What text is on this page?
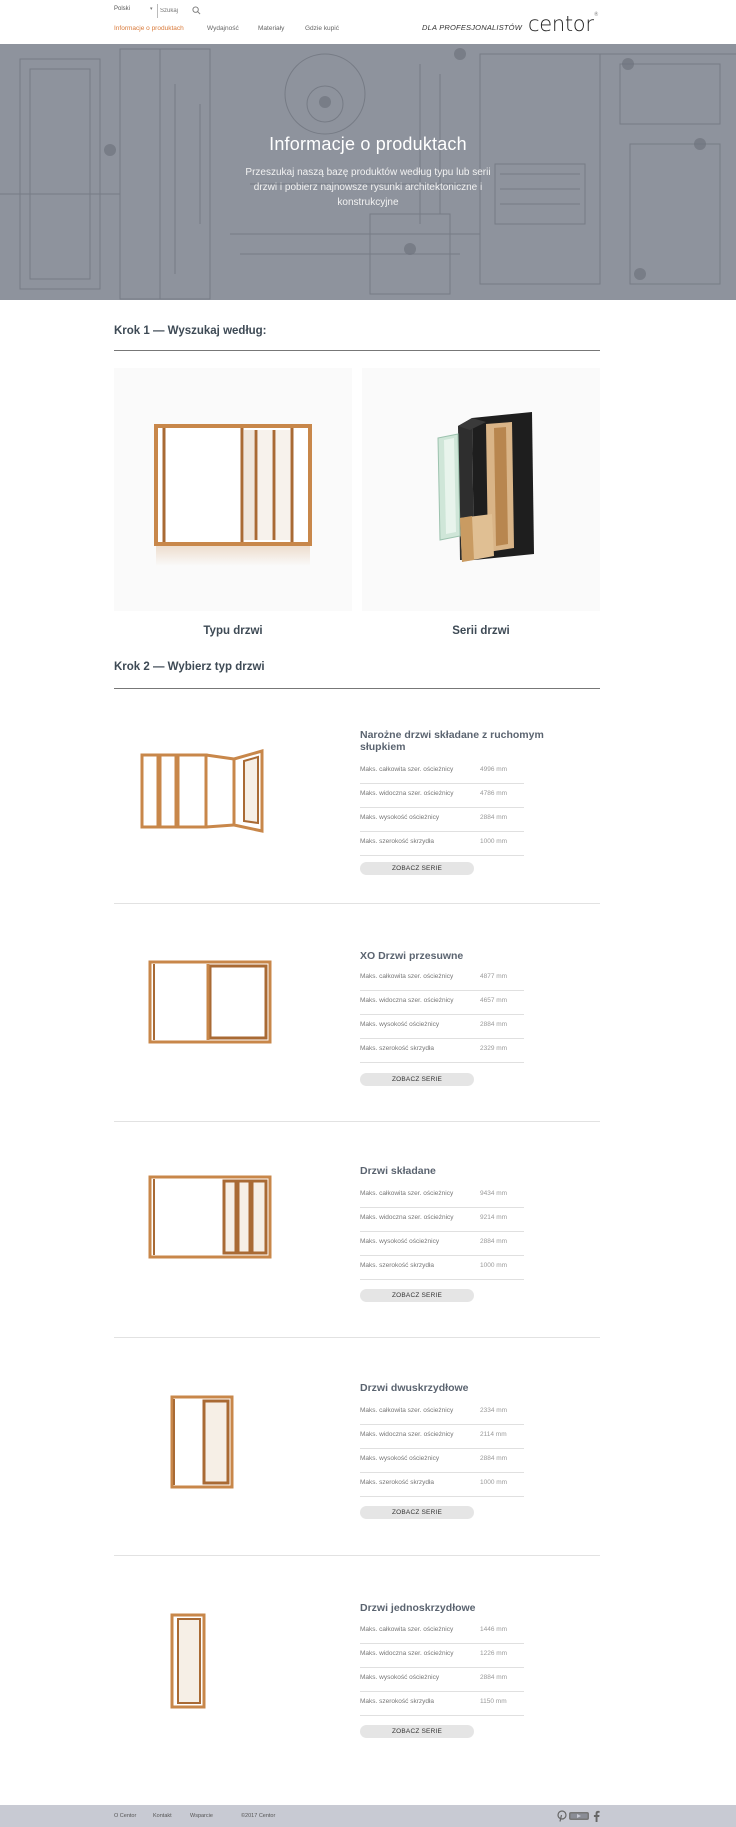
Polski	▾
Szukaj
Informacje o produktach	Wydajność	Materiały	Gdzie kupić	DLA PROFESJONALISTÓW centor®
Informacje o produktach
Przeszukaj naszą bazę produktów według typu lub serii drzwi i pobierz najnowsze rysunki architektoniczne i konstrukcyjne
Krok 1 — Wyszukaj według:
Typu drzwi	Serii drzwi
Krok 2 — Wybierz typ drzwi
Narożne drzwi składane z ruchomym słupkiem
Maks. całkowita szer. ościeżnicy	4996 mm
Maks. widoczna szer. ościeżnicy	4786 mm
Maks. wysokość ościeżnicy	2884 mm
Maks. szerokość skrzydła	1000 mm
ZOBACZ SERIE
XO Drzwi przesuwne
Maks. całkowita szer. ościeżnicy	4877 mm
Maks. widoczna szer. ościeżnicy	4657 mm
Maks. wysokość ościeżnicy	2884 mm
Maks. szerokość skrzydła	2329 mm
ZOBACZ SERIE
Drzwi składane
Maks. całkowita szer. ościeżnicy	9434 mm
Maks. widoczna szer. ościeżnicy	9214 mm
Maks. wysokość ościeżnicy	2884 mm
Maks. szerokość skrzydła	1000 mm
ZOBACZ SERIE
Drzwi dwuskrzydłowe
Maks. całkowita szer. ościeżnicy	2334 mm
Maks. widoczna szer. ościeżnicy	2114 mm
Maks. wysokość ościeżnicy	2884 mm
Maks. szerokość skrzydła	1000 mm
ZOBACZ SERIE
Drzwi jednoskrzydłowe
Maks. całkowita szer. ościeżnicy	1446 mm
Maks. widoczna szer. ościeżnicy	1226 mm
Maks. wysokość ościeżnicy	2884 mm
Maks. szerokość skrzydła	1150 mm
ZOBACZ SERIE
O Centor	Kontakt	Wsparcie	©2017 Centor
